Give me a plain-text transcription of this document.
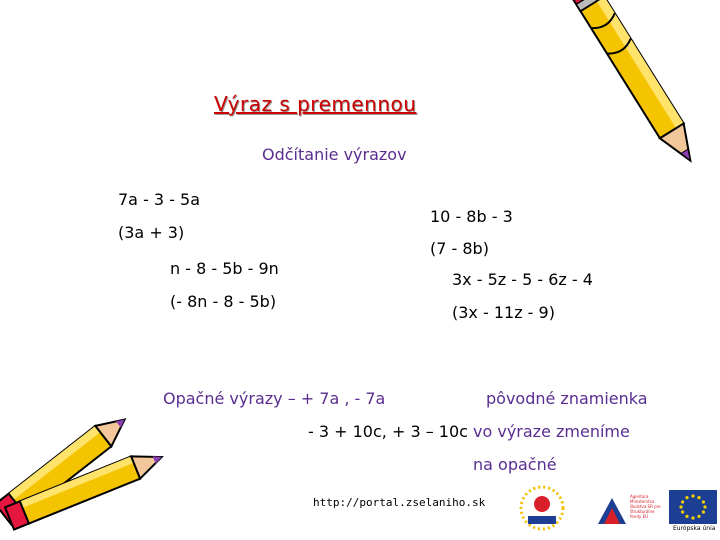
Výraz s premennou
Odčítanie výrazov
7a - 3 - 5a
(3a + 3)
n - 8 - 5b - 9n
(- 8n - 8 - 5b)
10 - 8b - 3
(7 - 8b)
3x - 5z - 5 - 6z - 4
(3x - 11z - 9)
Opačné výrazy – + 7a , - 7a
- 3 + 10c, + 3 – 10c
pôvodné znamienka
vo výraze zmeníme
na opačné
http://portal.zselaniho.sk	Agentúra Ministerstva školstva SR pre štrukturálne fondy EÚ
Európska únia
